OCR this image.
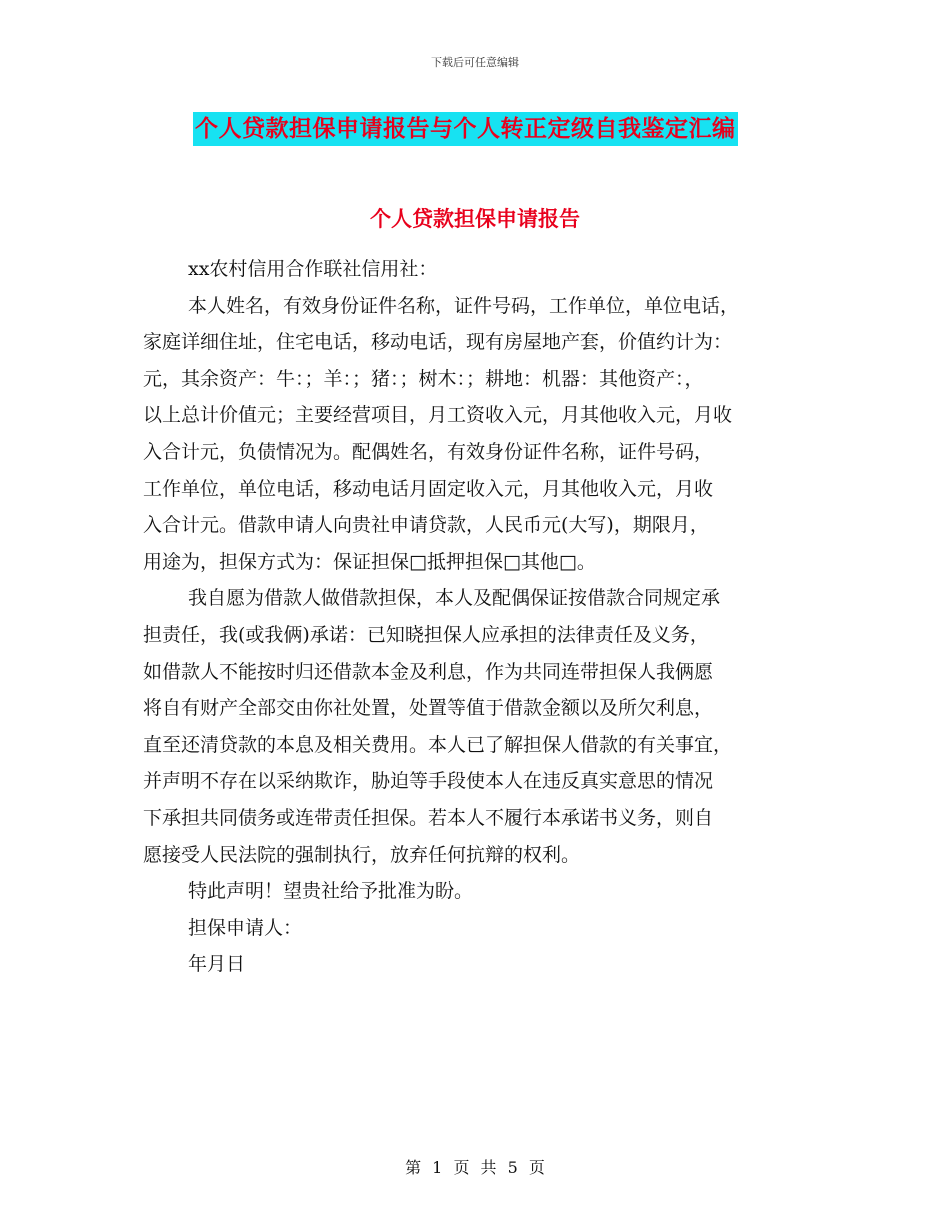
下载后可任意编辑
个人贷款担保申请报告与个人转正定级自我鉴定汇编
个人贷款担保申请报告

xx农村信用合作联社信用社：

本人姓名，有效身份证件名称，证件号码，工作单位，单位电话，

家庭详细住址，住宅电话，移动电话，现有房屋地产套，价值约计为：

元，其余资产：牛：；羊：；猪：；树木：；耕地：机器：其他资产：，

以上总计价值元；主要经营项目，月工资收入元，月其他收入元，月收

入合计元，负债情况为。配偶姓名，有效身份证件名称，证件号码，

工作单位，单位电话，移动电话月固定收入元，月其他收入元，月收

入合计元。借款申请人向贵社申请贷款，人民币元(大写)，期限月，

用途为，担保方式为：保证担保□抵押担保□其他□。

我自愿为借款人做借款担保，本人及配偶保证按借款合同规定承

担责任，我(或我俩)承诺：已知晓担保人应承担的法律责任及义务，

如借款人不能按时归还借款本金及利息，作为共同连带担保人我俩愿

将自有财产全部交由你社处置，处置等值于借款金额以及所欠利息，

直至还清贷款的本息及相关费用。本人已了解担保人借款的有关事宜，

并声明不存在以采纳欺诈，胁迫等手段使本人在违反真实意思的情况

下承担共同债务或连带责任担保。若本人不履行本承诺书义务，则自

愿接受人民法院的强制执行，放弃任何抗辩的权利。

特此声明！望贵社给予批准为盼。

担保申请人：

年月日

第 1 页 共 5 页
